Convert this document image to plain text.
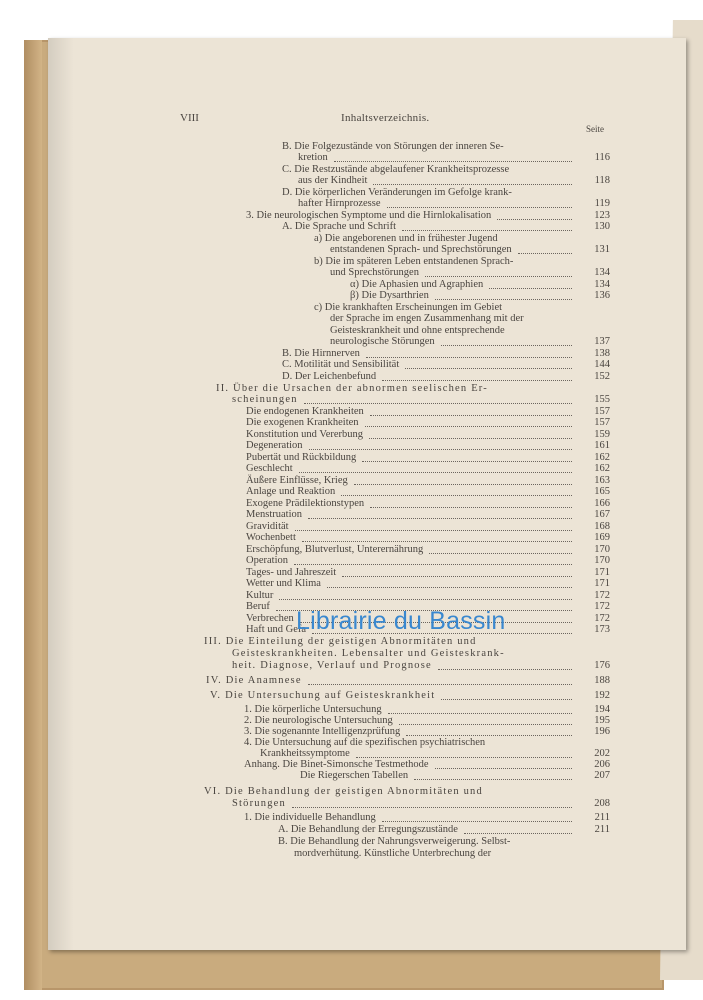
VIII	Inhaltsverzeichnis.
Seite
B. Die Folgezustände von Störungen der inneren Se-
kretion	116
C. Die Restzustände abgelaufener Krankheitsprozesse
aus der Kindheit	118
D. Die körperlichen Veränderungen im Gefolge krank-
hafter Hirnprozesse	119
3. Die neurologischen Symptome und die Hirnlokalisation	123
A. Die Sprache und Schrift	130
a) Die angeborenen und in frühester Jugend
entstandenen Sprach- und Sprechstörungen	131
b) Die im späteren Leben entstandenen Sprach-
und Sprechstörungen	134
α) Die Aphasien und Agraphien	134
β) Die Dysarthrien	136
c) Die krankhaften Erscheinungen im Gebiet
der Sprache im engen Zusammenhang mit der
Geisteskrankheit und ohne entsprechende
neurologische Störungen	137
B. Die Hirnnerven	138
C. Motilität und Sensibilität	144
D. Der Leichenbefund	152
II. Über die Ursachen der abnormen seelischen Er-
scheinungen	155
Die endogenen Krankheiten	157
Die exogenen Krankheiten	157
Konstitution und Vererbung	159
Degeneration	161
Pubertät und Rückbildung	162
Geschlecht	162
Äußere Einflüsse, Krieg	163
Anlage und Reaktion	165
Exogene Prädilektionstypen	166
Menstruation	167
Gravidität	168
Wochenbett	169
Erschöpfung, Blutverlust, Unterernährung	170
Operation	170
Tages- und Jahreszeit	171
Wetter und Klima	171
Kultur	172
Beruf	172
Verbrechen	172
Haft und Gefa	173
III. Die Einteilung der geistigen Abnormitäten und
Geisteskrankheiten. Lebensalter und Geisteskrank-
heit. Diagnose, Verlauf und Prognose	176
IV. Die Anamnese	188
V. Die Untersuchung auf Geisteskrankheit	192
1. Die körperliche Untersuchung	194
2. Die neurologische Untersuchung	195
3. Die sogenannte Intelligenzprüfung	196
4. Die Untersuchung auf die spezifischen psychiatrischen
Krankheitssymptome	202
Anhang. Die Binet-Simonsche Testmethode	206
Die Riegerschen Tabellen	207
VI. Die Behandlung der geistigen Abnormitäten und
Störungen	208
1. Die individuelle Behandlung	211
A. Die Behandlung der Erregungszustände	211
B. Die Behandlung der Nahrungsverweigerung. Selbst-
mordverhütung. Künstliche Unterbrechung der
Librairie du Bassin
